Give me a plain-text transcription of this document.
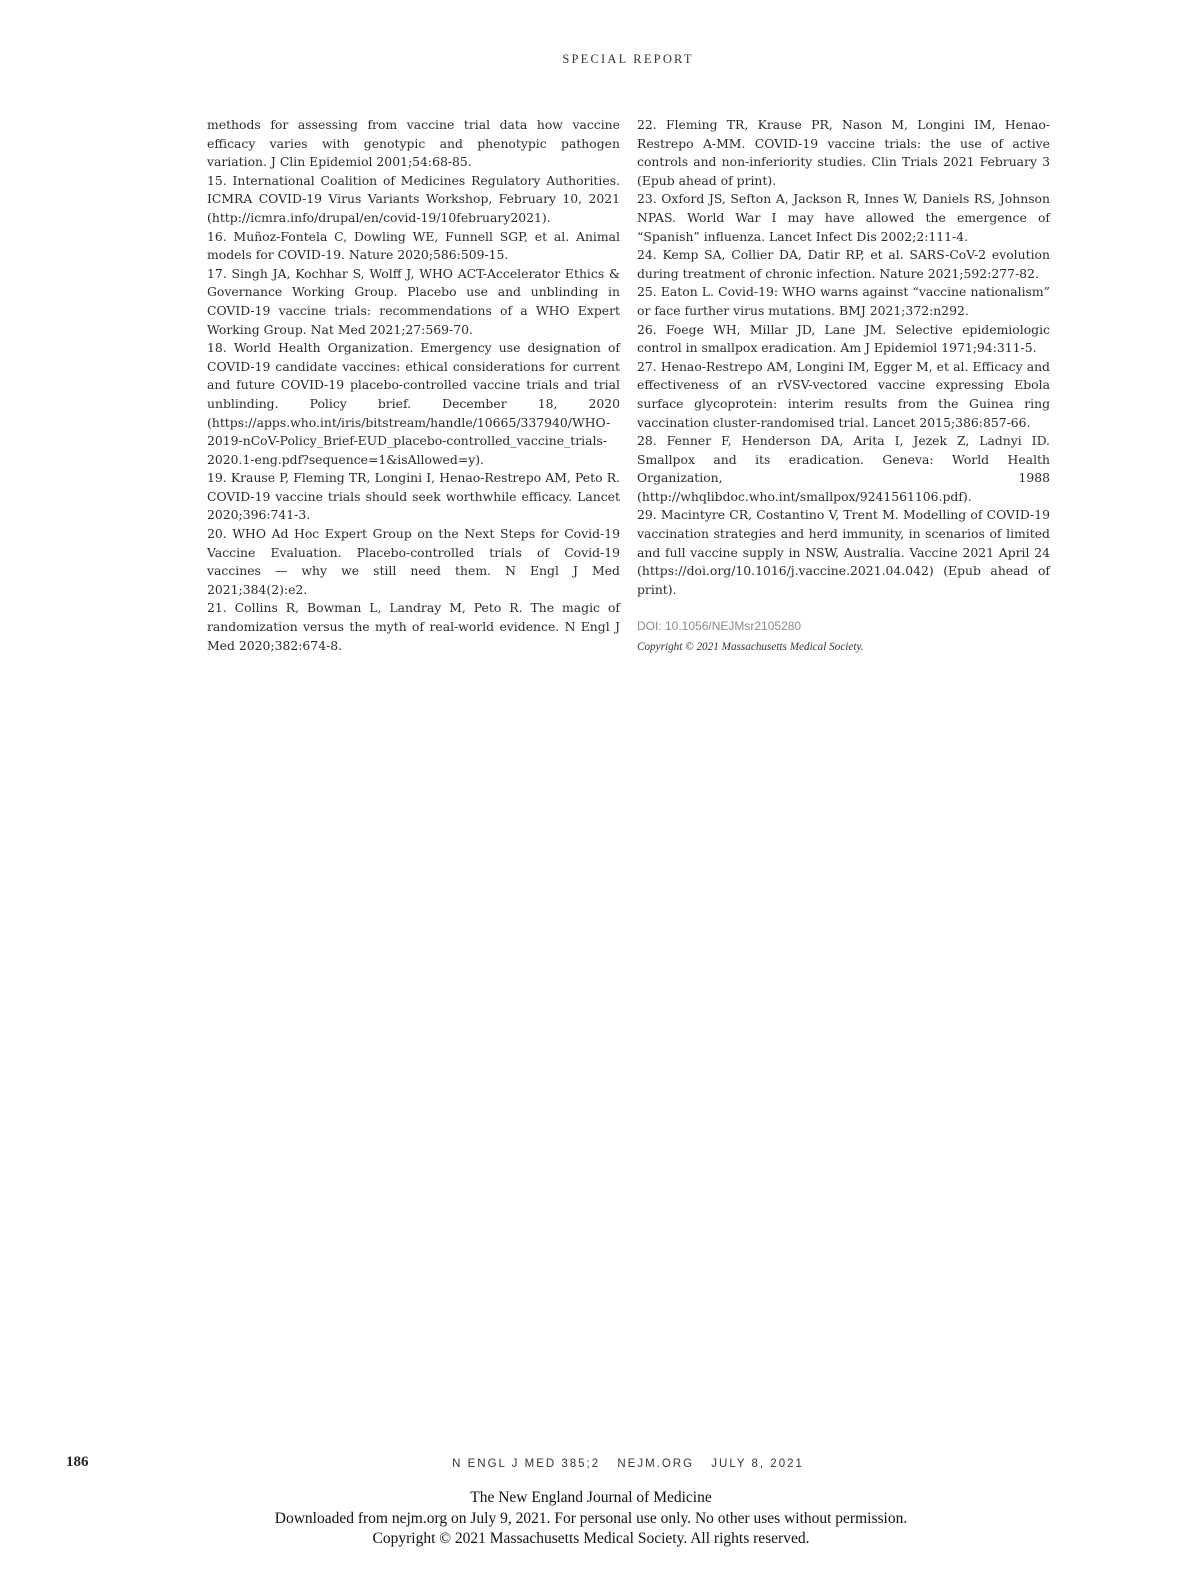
SPECIAL REPORT

methods for assessing from vaccine trial data how vaccine efficacy varies with genotypic and phenotypic pathogen variation. J Clin Epidemiol 2001;54:68-85.

15. International Coalition of Medicines Regulatory Authorities. ICMRA COVID-19 Virus Variants Workshop, February 10, 2021 (http://icmra.info/drupal/en/covid-19/10february2021).

16. Muñoz-Fontela C, Dowling WE, Funnell SGP, et al. Animal models for COVID-19. Nature 2020;586:509-15.

17. Singh JA, Kochhar S, Wolff J, WHO ACT-Accelerator Ethics & Governance Working Group. Placebo use and unblinding in COVID-19 vaccine trials: recommendations of a WHO Expert Working Group. Nat Med 2021;27:569-70.

18. World Health Organization. Emergency use designation of COVID-19 candidate vaccines: ethical considerations for current and future COVID-19 placebo-controlled vaccine trials and trial unblinding. Policy brief. December 18, 2020 (https://apps.who.int/iris/bitstream/handle/10665/337940/WHO-2019-nCoV-Policy_Brief-EUD_placebo-controlled_vaccine_trials-2020.1-eng.pdf?sequence=1&isAllowed=y).

19. Krause P, Fleming TR, Longini I, Henao-Restrepo AM, Peto R. COVID-19 vaccine trials should seek worthwhile efficacy. Lancet 2020;396:741-3.

20. WHO Ad Hoc Expert Group on the Next Steps for Covid-19 Vaccine Evaluation. Placebo-controlled trials of Covid-19 vaccines — why we still need them. N Engl J Med 2021;384(2):e2.

21. Collins R, Bowman L, Landray M, Peto R. The magic of randomization versus the myth of real-world evidence. N Engl J Med 2020;382:674-8.

22. Fleming TR, Krause PR, Nason M, Longini IM, Henao-Restrepo A-MM. COVID-19 vaccine trials: the use of active controls and non-inferiority studies. Clin Trials 2021 February 3 (Epub ahead of print).

23. Oxford JS, Sefton A, Jackson R, Innes W, Daniels RS, Johnson NPAS. World War I may have allowed the emergence of “Spanish” influenza. Lancet Infect Dis 2002;2:111-4.

24. Kemp SA, Collier DA, Datir RP, et al. SARS-CoV-2 evolution during treatment of chronic infection. Nature 2021;592:277-82.

25. Eaton L. Covid-19: WHO warns against “vaccine nationalism” or face further virus mutations. BMJ 2021;372:n292.

26. Foege WH, Millar JD, Lane JM. Selective epidemiologic control in smallpox eradication. Am J Epidemiol 1971;94:311-5.

27. Henao-Restrepo AM, Longini IM, Egger M, et al. Efficacy and effectiveness of an rVSV-vectored vaccine expressing Ebola surface glycoprotein: interim results from the Guinea ring vaccination cluster-randomised trial. Lancet 2015;386:857-66.

28. Fenner F, Henderson DA, Arita I, Jezek Z, Ladnyi ID. Smallpox and its eradication. Geneva: World Health Organization, 1988 (http://whqlibdoc.who.int/smallpox/9241561106.pdf).

29. Macintyre CR, Costantino V, Trent M. Modelling of COVID-19 vaccination strategies and herd immunity, in scenarios of limited and full vaccine supply in NSW, Australia. Vaccine 2021 April 24 (https://doi.org/10.1016/j.vaccine.2021.04.042) (Epub ahead of print).

DOI: 10.1056/NEJMsr2105280
Copyright © 2021 Massachusetts Medical Society.
186	N ENGL J MED 385;2 NEJM.ORG JULY 8, 2021
The New England Journal of Medicine
Downloaded from nejm.org on July 9, 2021. For personal use only. No other uses without permission.
Copyright © 2021 Massachusetts Medical Society. All rights reserved.
